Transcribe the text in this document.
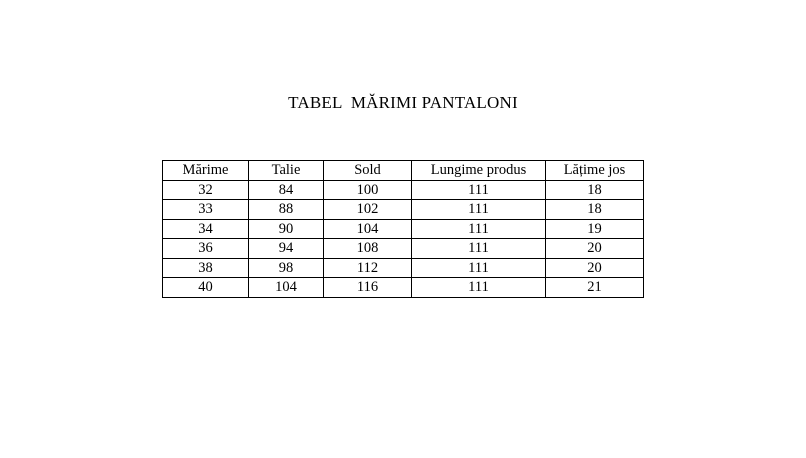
TABEL  MĂRIMI PANTALONI
Mărime	Talie	Sold	Lungime produs	Lățime jos
32	84	100	111	18
33	88	102	111	18
34	90	104	111	19
36	94	108	111	20
38	98	112	111	20
40	104	116	111	21
